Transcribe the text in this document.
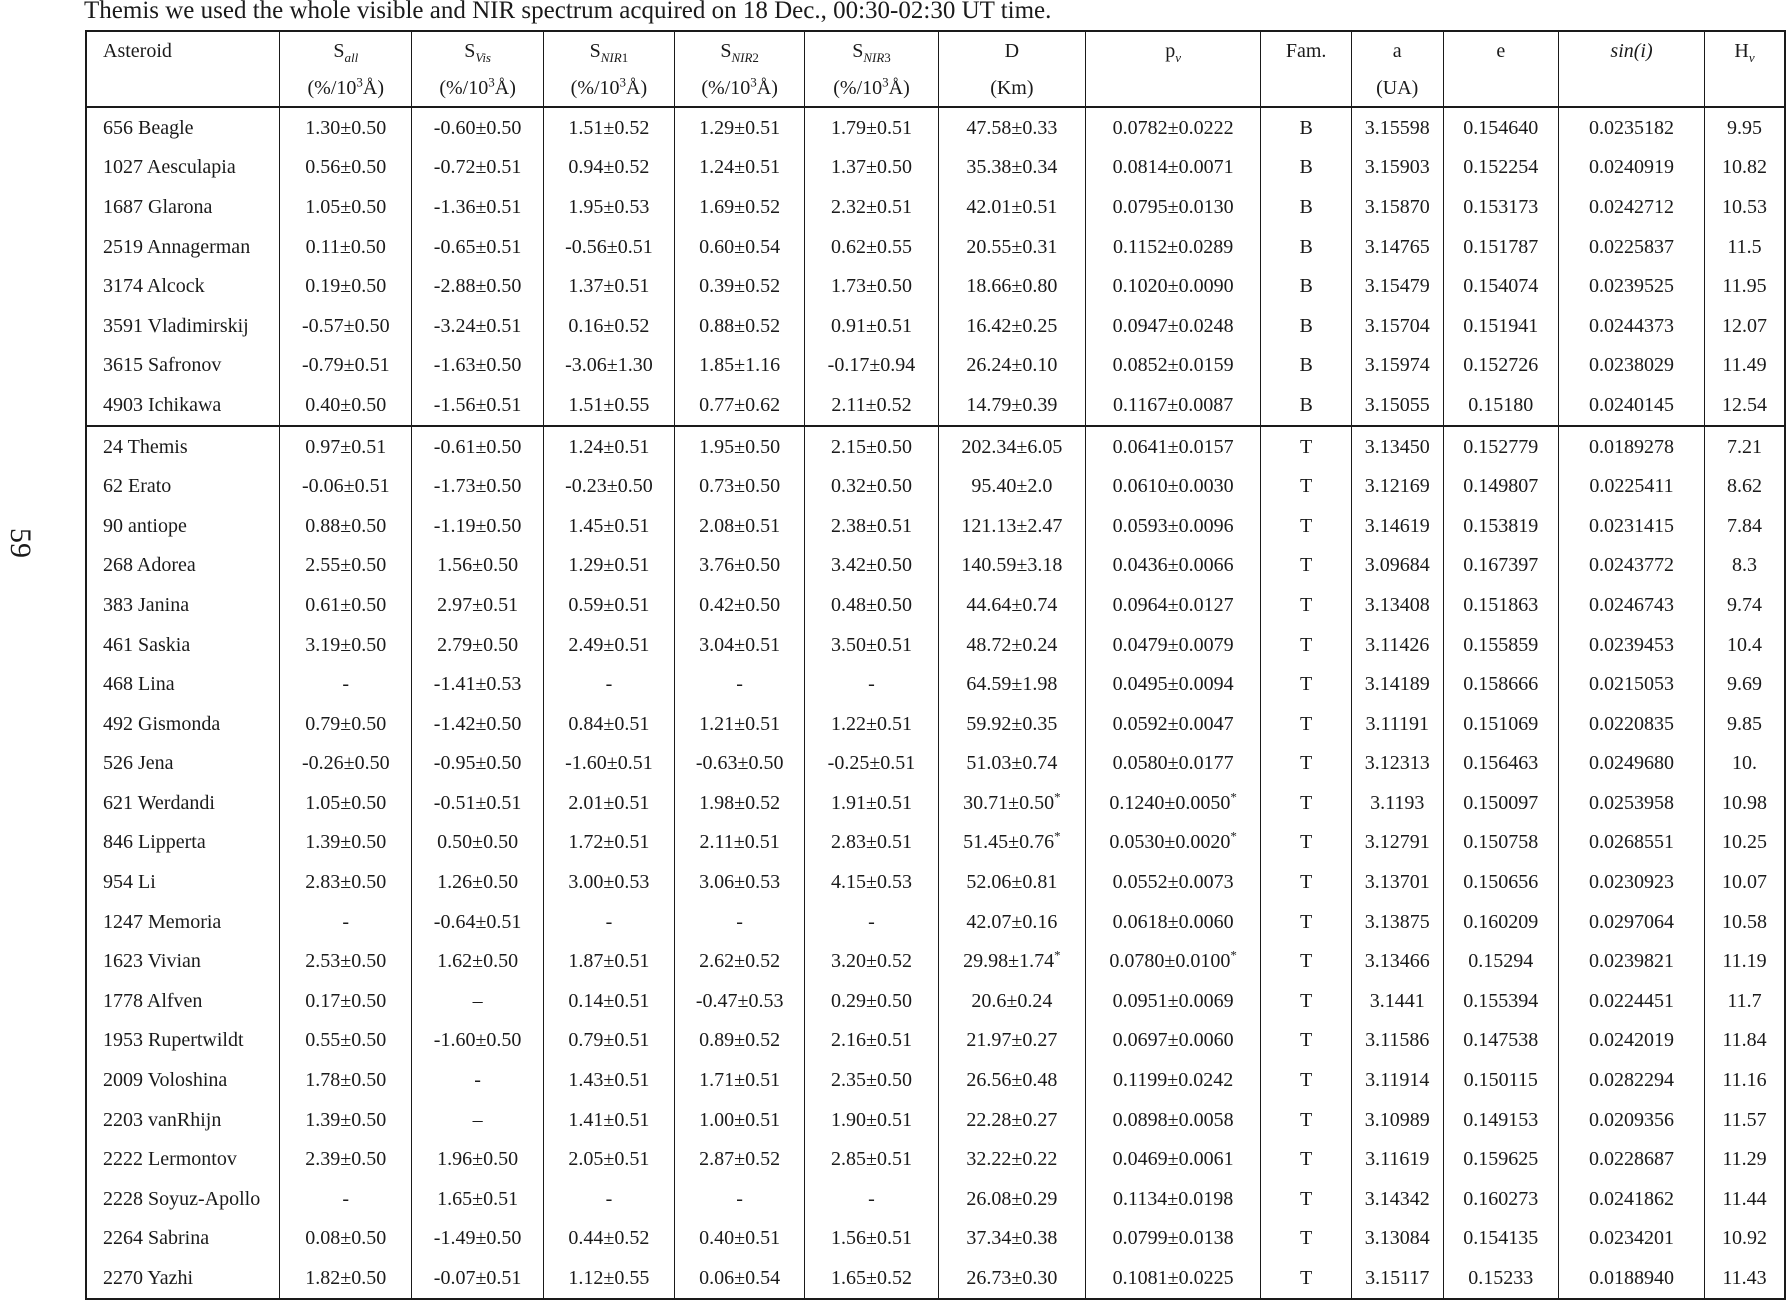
Themis we used the whole visible and NIR spectrum acquired on 18 Dec., 00:30-02:30 UT time.
59
Asteroid	$S_{all}$	$S_{Vis}$	$S_{NIR1}$	$S_{NIR2}$	$S_{NIR3}$	D	$p_v$	Fam.	a	e	sin(i)	$H_v$
	$(\%/10^3Å)$	$(\%/10^3Å)$	$(\%/10^3Å)$	$(\%/10^3Å)$	$(\%/10^3Å)$	(Km)			(UA)			
656 Beagle	1.30±0.50	-0.60±0.50	1.51±0.52	1.29±0.51	1.79±0.51	47.58±0.33	0.0782±0.0222	B	3.15598	0.154640	0.0235182	9.95
1027 Aesculapia	0.56±0.50	-0.72±0.51	0.94±0.52	1.24±0.51	1.37±0.50	35.38±0.34	0.0814±0.0071	B	3.15903	0.152254	0.0240919	10.82
1687 Glarona	1.05±0.50	-1.36±0.51	1.95±0.53	1.69±0.52	2.32±0.51	42.01±0.51	0.0795±0.0130	B	3.15870	0.153173	0.0242712	10.53
2519 Annagerman	0.11±0.50	-0.65±0.51	-0.56±0.51	0.60±0.54	0.62±0.55	20.55±0.31	0.1152±0.0289	B	3.14765	0.151787	0.0225837	11.5
3174 Alcock	0.19±0.50	-2.88±0.50	1.37±0.51	0.39±0.52	1.73±0.50	18.66±0.80	0.1020±0.0090	B	3.15479	0.154074	0.0239525	11.95
3591 Vladimirskij	-0.57±0.50	-3.24±0.51	0.16±0.52	0.88±0.52	0.91±0.51	16.42±0.25	0.0947±0.0248	B	3.15704	0.151941	0.0244373	12.07
3615 Safronov	-0.79±0.51	-1.63±0.50	-3.06±1.30	1.85±1.16	-0.17±0.94	26.24±0.10	0.0852±0.0159	B	3.15974	0.152726	0.0238029	11.49
4903 Ichikawa	0.40±0.50	-1.56±0.51	1.51±0.55	0.77±0.62	2.11±0.52	14.79±0.39	0.1167±0.0087	B	3.15055	0.15180	0.0240145	12.54
24 Themis	0.97±0.51	-0.61±0.50	1.24±0.51	1.95±0.50	2.15±0.50	202.34±6.05	0.0641±0.0157	T	3.13450	0.152779	0.0189278	7.21
62 Erato	-0.06±0.51	-1.73±0.50	-0.23±0.50	0.73±0.50	0.32±0.50	95.40±2.0	0.0610±0.0030	T	3.12169	0.149807	0.0225411	8.62
90 antiope	0.88±0.50	-1.19±0.50	1.45±0.51	2.08±0.51	2.38±0.51	121.13±2.47	0.0593±0.0096	T	3.14619	0.153819	0.0231415	7.84
268 Adorea	2.55±0.50	1.56±0.50	1.29±0.51	3.76±0.50	3.42±0.50	140.59±3.18	0.0436±0.0066	T	3.09684	0.167397	0.0243772	8.3
383 Janina	0.61±0.50	2.97±0.51	0.59±0.51	0.42±0.50	0.48±0.50	44.64±0.74	0.0964±0.0127	T	3.13408	0.151863	0.0246743	9.74
461 Saskia	3.19±0.50	2.79±0.50	2.49±0.51	3.04±0.51	3.50±0.51	48.72±0.24	0.0479±0.0079	T	3.11426	0.155859	0.0239453	10.4
468 Lina	-	-1.41±0.53	-	-	-	64.59±1.98	0.0495±0.0094	T	3.14189	0.158666	0.0215053	9.69
492 Gismonda	0.79±0.50	-1.42±0.50	0.84±0.51	1.21±0.51	1.22±0.51	59.92±0.35	0.0592±0.0047	T	3.11191	0.151069	0.0220835	9.85
526 Jena	-0.26±0.50	-0.95±0.50	-1.60±0.51	-0.63±0.50	-0.25±0.51	51.03±0.74	0.0580±0.0177	T	3.12313	0.156463	0.0249680	10.
621 Werdandi	1.05±0.50	-0.51±0.51	2.01±0.51	1.98±0.52	1.91±0.51	30.71±0.50*	0.1240±0.0050*	T	3.1193	0.150097	0.0253958	10.98
846 Lipperta	1.39±0.50	0.50±0.50	1.72±0.51	2.11±0.51	2.83±0.51	51.45±0.76*	0.0530±0.0020*	T	3.12791	0.150758	0.0268551	10.25
954 Li	2.83±0.50	1.26±0.50	3.00±0.53	3.06±0.53	4.15±0.53	52.06±0.81	0.0552±0.0073	T	3.13701	0.150656	0.0230923	10.07
1247 Memoria	-	-0.64±0.51	-	-	-	42.07±0.16	0.0618±0.0060	T	3.13875	0.160209	0.0297064	10.58
1623 Vivian	2.53±0.50	1.62±0.50	1.87±0.51	2.62±0.52	3.20±0.52	29.98±1.74*	0.0780±0.0100*	T	3.13466	0.15294	0.0239821	11.19
1778 Alfven	0.17±0.50	–	0.14±0.51	-0.47±0.53	0.29±0.50	20.6±0.24	0.0951±0.0069	T	3.1441	0.155394	0.0224451	11.7
1953 Rupertwildt	0.55±0.50	-1.60±0.50	0.79±0.51	0.89±0.52	2.16±0.51	21.97±0.27	0.0697±0.0060	T	3.11586	0.147538	0.0242019	11.84
2009 Voloshina	1.78±0.50	-	1.43±0.51	1.71±0.51	2.35±0.50	26.56±0.48	0.1199±0.0242	T	3.11914	0.150115	0.0282294	11.16
2203 vanRhijn	1.39±0.50	–	1.41±0.51	1.00±0.51	1.90±0.51	22.28±0.27	0.0898±0.0058	T	3.10989	0.149153	0.0209356	11.57
2222 Lermontov	2.39±0.50	1.96±0.50	2.05±0.51	2.87±0.52	2.85±0.51	32.22±0.22	0.0469±0.0061	T	3.11619	0.159625	0.0228687	11.29
2228 Soyuz-Apollo	-	1.65±0.51	-	-	-	26.08±0.29	0.1134±0.0198	T	3.14342	0.160273	0.0241862	11.44
2264 Sabrina	0.08±0.50	-1.49±0.50	0.44±0.52	0.40±0.51	1.56±0.51	37.34±0.38	0.0799±0.0138	T	3.13084	0.154135	0.0234201	10.92
2270 Yazhi	1.82±0.50	-0.07±0.51	1.12±0.55	0.06±0.54	1.65±0.52	26.73±0.30	0.1081±0.0225	T	3.15117	0.15233	0.0188940	11.43
